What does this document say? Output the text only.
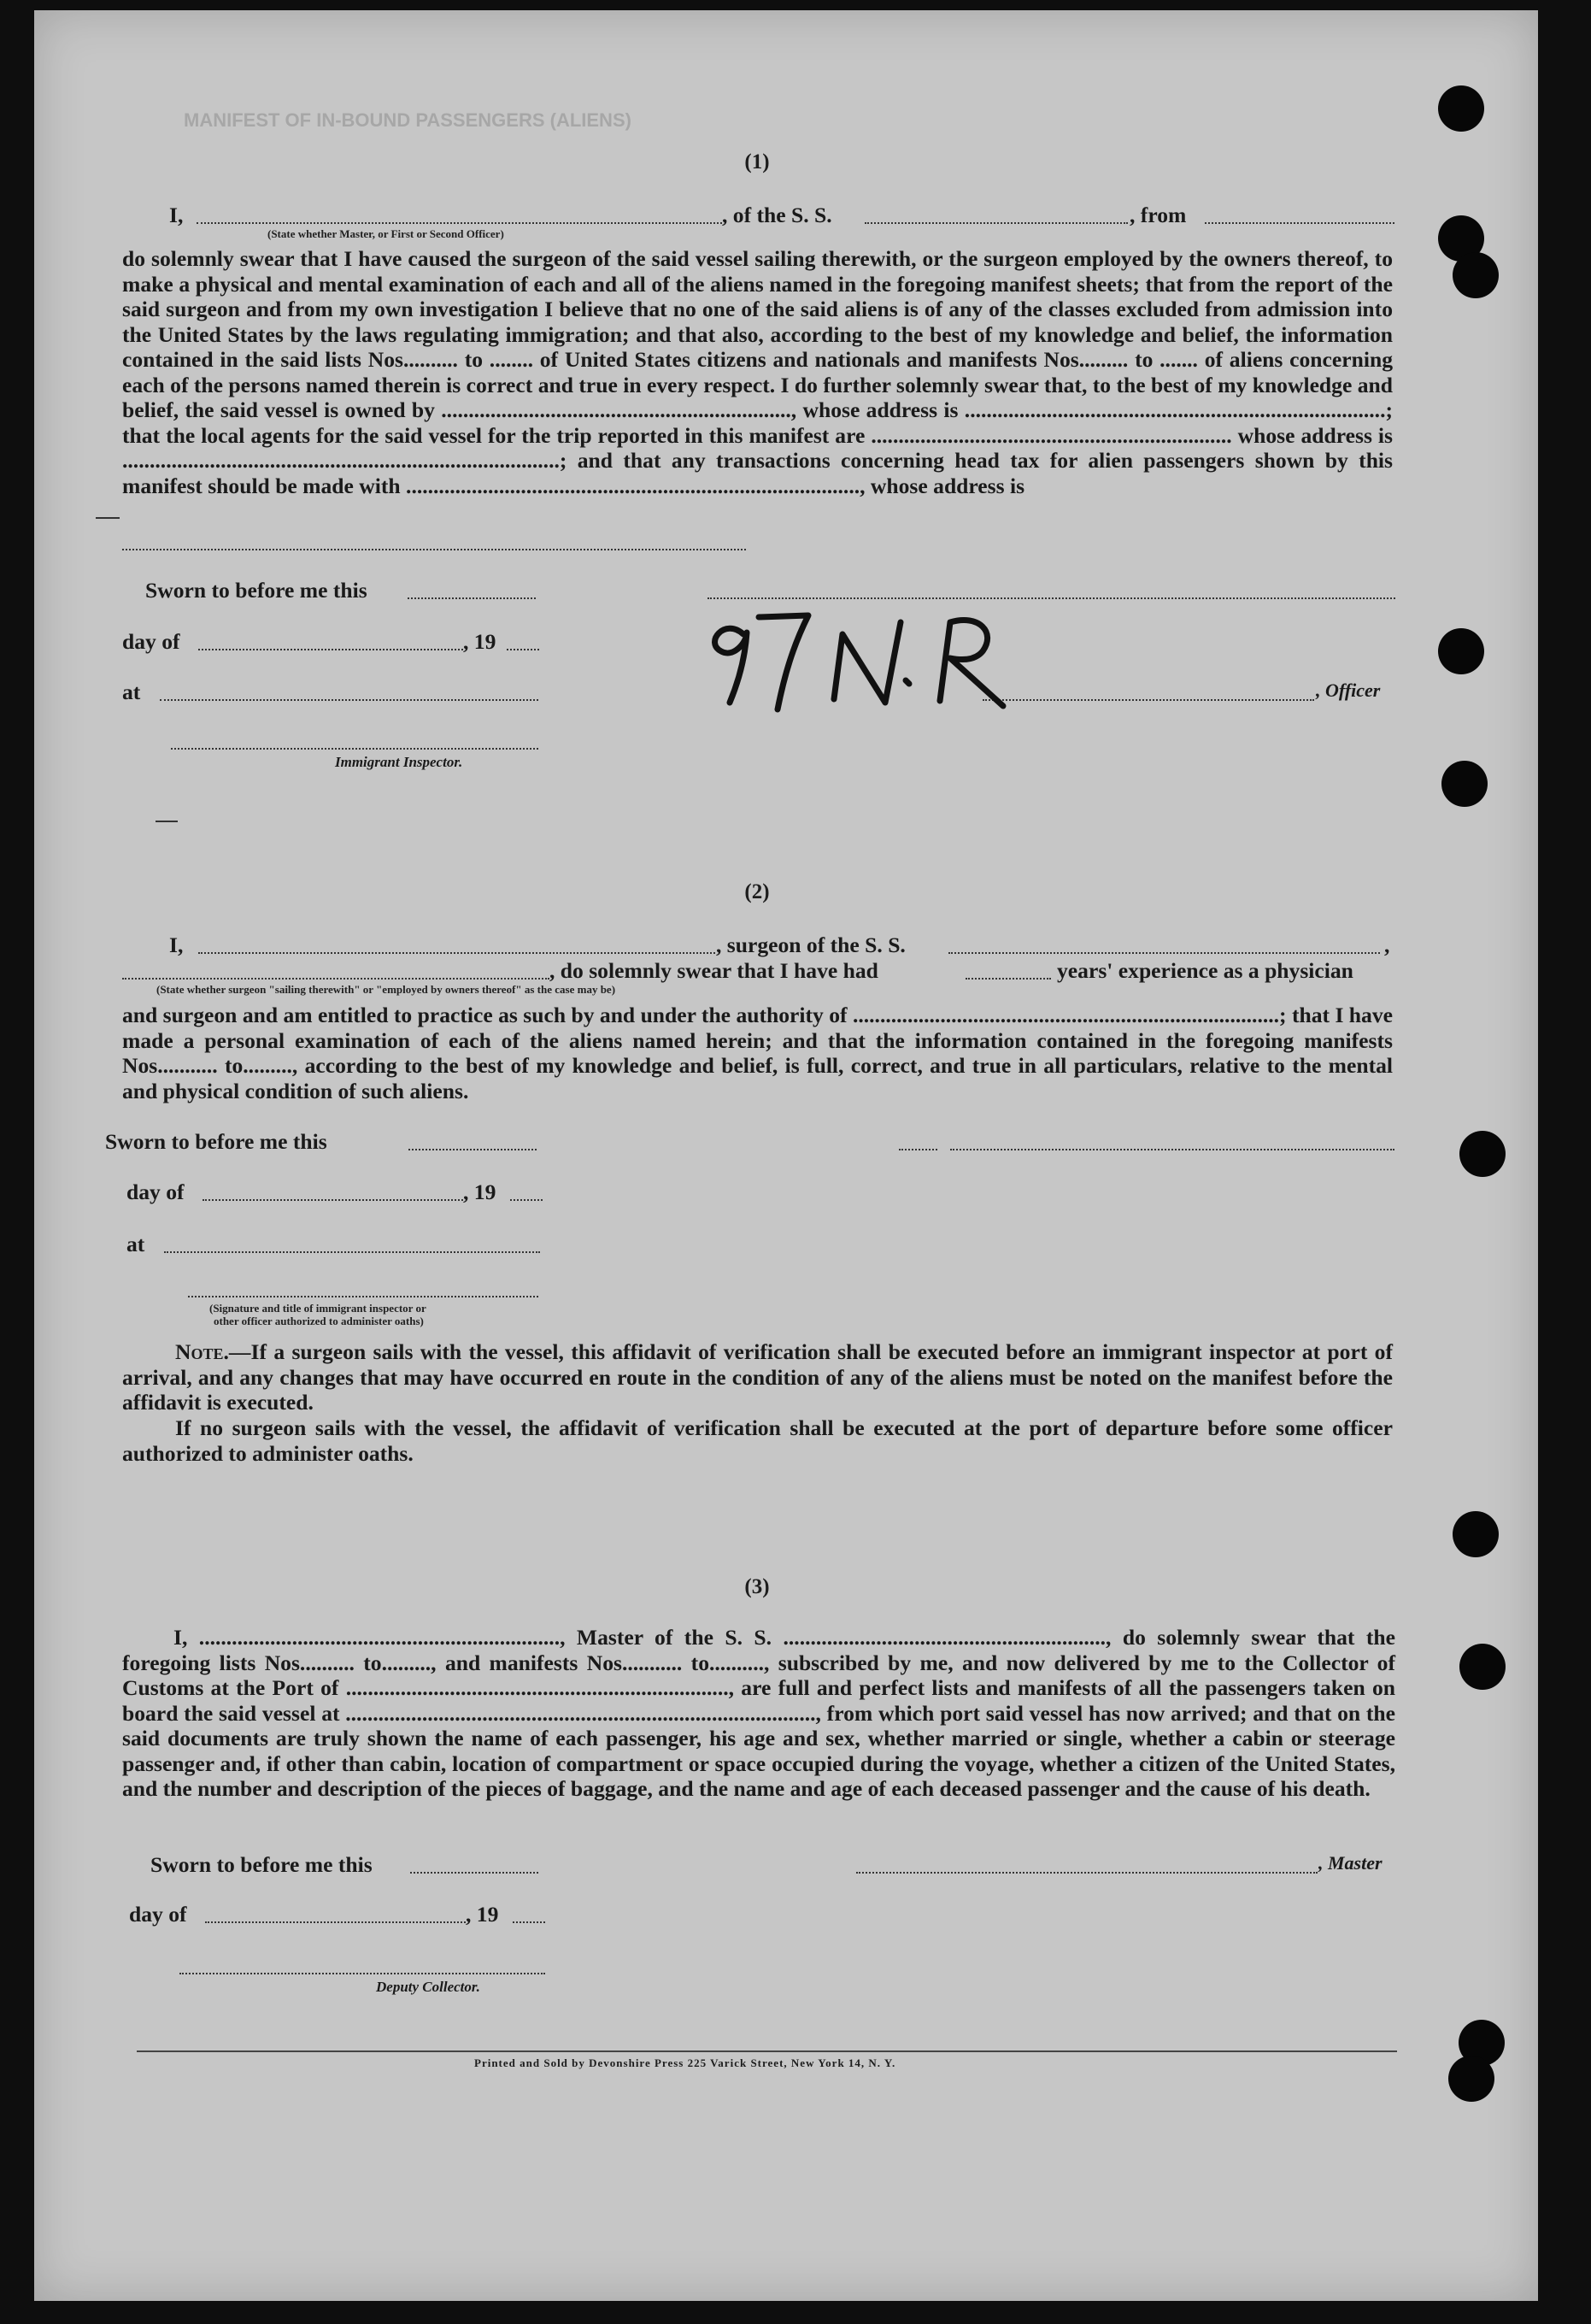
MANIFEST OF IN-BOUND PASSENGERS (ALIENS)
(1)
I,	, of the S. S.	, from
(State whether Master, or First or Second Officer)
do solemnly swear that I have caused the surgeon of the said vessel sailing therewith, or the surgeon employed by the owners thereof, to make a physical and mental examination of each and all of the aliens named in the foregoing manifest sheets; that from the report of the said surgeon and from my own investigation I believe that no one of the said aliens is of any of the classes excluded from admission into the United States by the laws regulating immigration; and that also, according to the best of my knowledge and belief, the information contained in the said lists Nos.......... to ........ of United States citizens and nationals and manifests Nos......... to ....... of aliens concerning each of the persons named therein is correct and true in every respect. I do further solemnly swear that, to the best of my knowledge and belief, the said vessel is owned by ................................................................, whose address is .............................................................................; that the local agents for the said vessel for the trip reported in this manifest are .................................................................. whose address is ................................................................................; and that any transactions concerning head tax for alien passengers shown by this manifest should be made with ..................................................................................., whose address is
Sworn to before me this
day of	, 19
at	, Officer
Immigrant Inspector.
(2)
I,	, surgeon of the S. S.	,
, do solemnly swear that I have had	years' experience as a physician
(State whether surgeon "sailing therewith" or "employed by owners thereof" as the case may be)
and surgeon and am entitled to practice as such by and under the authority of ..............................................................................; that I have made a personal examination of each of the aliens named herein; and that the information contained in the foregoing manifests Nos........... to........., according to the best of my knowledge and belief, is full, correct, and true in all particulars, relative to the mental and physical condition of such aliens.
Sworn to before me this
day of	, 19
at
(Signature and title of immigrant inspector or
other officer authorized to administer oaths)
Note.—If a surgeon sails with the vessel, this affidavit of verification shall be executed before an immigrant inspector at port of arrival, and any changes that may have occurred en route in the condition of any of the aliens must be noted on the manifest before the affidavit is executed.
If no surgeon sails with the vessel, the affidavit of verification shall be executed at the port of departure before some officer authorized to administer oaths.
(3)
I, .................................................................., Master of the S. S. ..........................................................., do solemnly swear that the foregoing lists Nos.......... to........., and manifests Nos........... to.........., subscribed by me, and now delivered by me to the Collector of Customs at the Port of ......................................................................, are full and perfect lists and manifests of all the passengers taken on board the said vessel at ......................................................................................, from which port said vessel has now arrived; and that on the said documents are truly shown the name of each passenger, his age and sex, whether married or single, whether a cabin or steerage passenger and, if other than cabin, location of compartment or space occupied during the voyage, whether a citizen of the United States, and the number and description of the pieces of baggage, and the name and age of each deceased passenger and the cause of his death.
Sworn to before me this	, Master
day of	, 19
Deputy Collector.
Printed and Sold by Devonshire Press 225 Varick Street, New York 14, N. Y.
